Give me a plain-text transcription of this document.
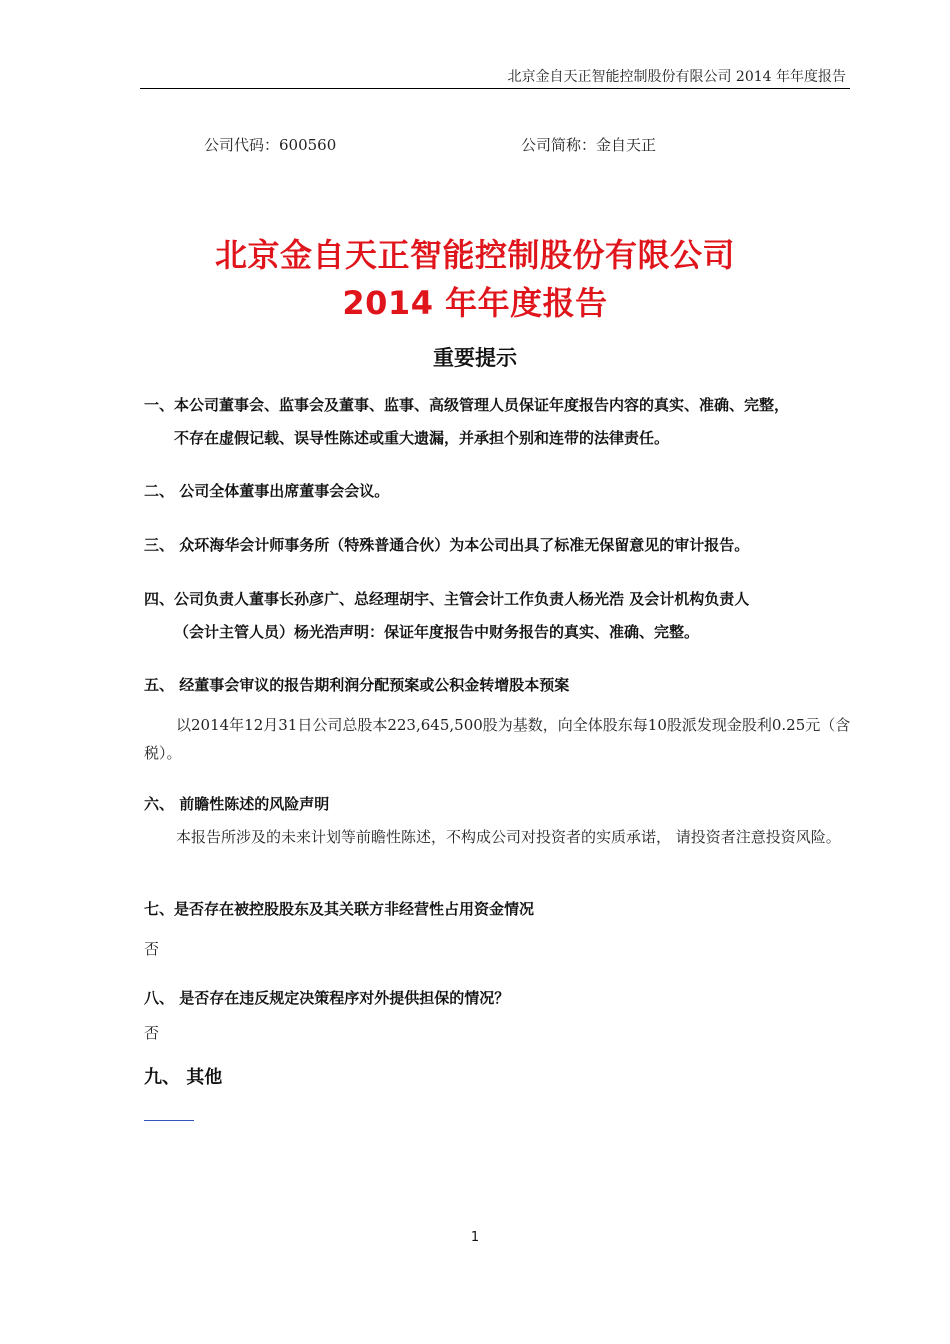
北京金自天正智能控制股份有限公司 2014 年年度报告
公司代码：600560	公司简称：金自天正
北京金自天正智能控制股份有限公司
2014 年年度报告
重要提示
一、本公司董事会、监事会及董事、监事、高级管理人员保证年度报告内容的真实、准确、完整，
不存在虚假记载、误导性陈述或重大遗漏，并承担个别和连带的法律责任。
二、 公司全体董事出席董事会会议。
三、 众环海华会计师事务所（特殊普通合伙）为本公司出具了标准无保留意见的审计报告。
四、公司负责人董事长孙彦广、总经理胡宇、主管会计工作负责人杨光浩 及会计机构负责人
（会计主管人员）杨光浩声明：保证年度报告中财务报告的真实、准确、完整。
五、 经董事会审议的报告期利润分配预案或公积金转增股本预案
以2014年12月31日公司总股本223,645,500股为基数，向全体股东每10股派发现金股利0.25元（含税）。
六、 前瞻性陈述的风险声明
本报告所涉及的未来计划等前瞻性陈述，不构成公司对投资者的实质承诺， 请投资者注意投资风险。
七、是否存在被控股股东及其关联方非经营性占用资金情况
否
八、 是否存在违反规定决策程序对外提供担保的情况？
否
九、 其他
1
